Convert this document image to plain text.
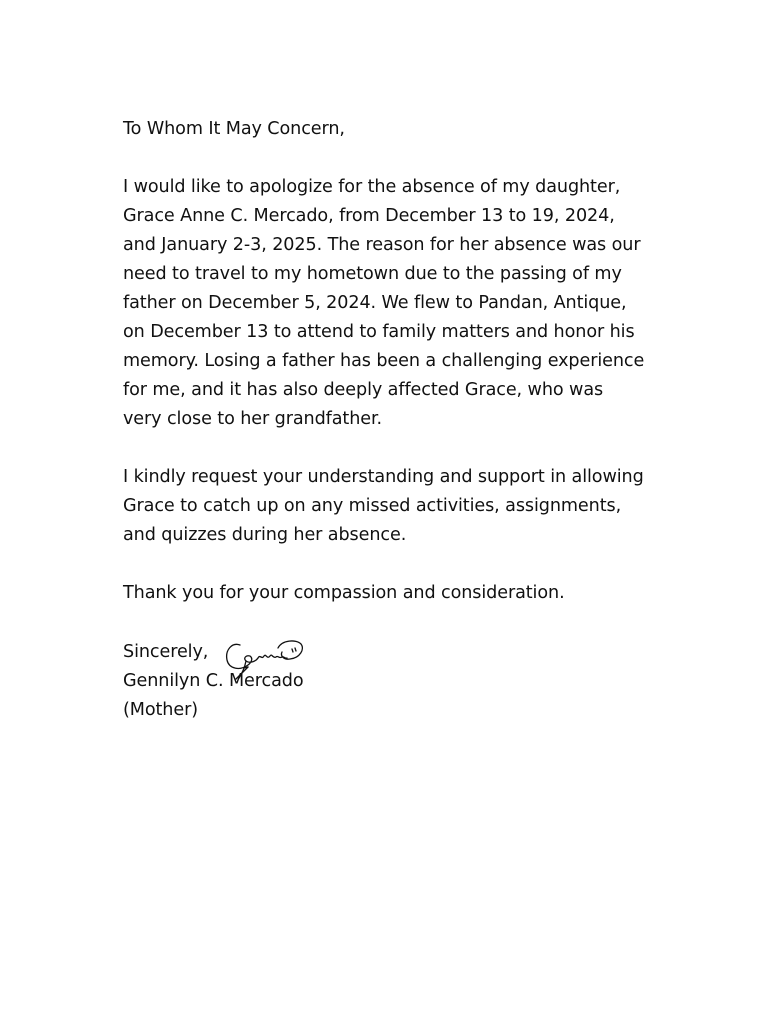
To Whom It May Concern,
I would like to apologize for the absence of my daughter,
Grace Anne C. Mercado, from December 13 to 19, 2024,
and January 2-3, 2025. The reason for her absence was our
need to travel to my hometown due to the passing of my
father on December 5, 2024. We flew to Pandan, Antique,
on December 13 to attend to family matters and honor his
memory. Losing a father has been a challenging experience
for me, and it has also deeply affected Grace, who was
very close to her grandfather.
I kindly request your understanding and support in allowing
Grace to catch up on any missed activities, assignments,
and quizzes during her absence.
Thank you for your compassion and consideration.
Sincerely,
Gennilyn C. Mercado
(Mother)
